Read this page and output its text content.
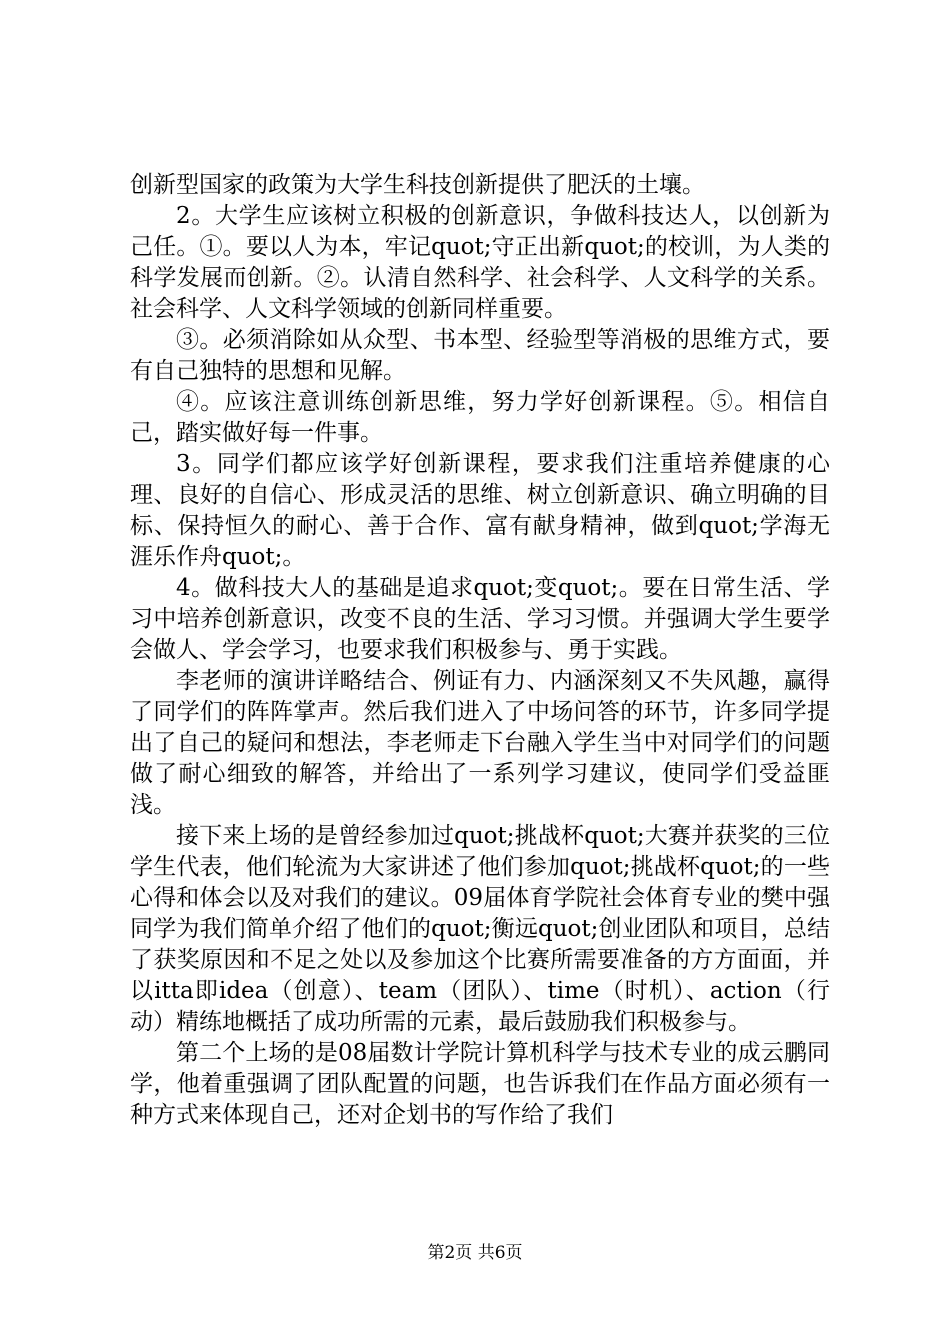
创新型国家的政策为大学生科技创新提供了肥沃的土壤。

2。大学生应该树立积极的创新意识，争做科技达人，以创新为己任。①。要以人为本，牢记quot;守正出新quot;的校训，为人类的科学发展而创新。②。认清自然科学、社会科学、人文科学的关系。社会科学、人文科学领域的创新同样重要。

③。必须消除如从众型、书本型、经验型等消极的思维方式，要有自己独特的思想和见解。

④。应该注意训练创新思维，努力学好创新课程。⑤。相信自己，踏实做好每一件事。

3。同学们都应该学好创新课程，要求我们注重培养健康的心理、良好的自信心、形成灵活的思维、树立创新意识、确立明确的目标、保持恒久的耐心、善于合作、富有献身精神，做到quot;学海无涯乐作舟quot;。

4。做科技大人的基础是追求quot;变quot;。要在日常生活、学习中培养创新意识，改变不良的生活、学习习惯。并强调大学生要学会做人、学会学习，也要求我们积极参与、勇于实践。

李老师的演讲详略结合、例证有力、内涵深刻又不失风趣，赢得了同学们的阵阵掌声。然后我们进入了中场问答的环节，许多同学提出了自己的疑问和想法，李老师走下台融入学生当中对同学们的问题做了耐心细致的解答，并给出了一系列学习建议，使同学们受益匪浅。

接下来上场的是曾经参加过quot;挑战杯quot;大赛并获奖的三位学生代表，他们轮流为大家讲述了他们参加quot;挑战杯quot;的一些心得和体会以及对我们的建议。09届体育学院社会体育专业的樊中强同学为我们简单介绍了他们的quot;衡远quot;创业团队和项目，总结了获奖原因和不足之处以及参加这个比赛所需要准备的方方面面，并以itta即idea（创意）、team（团队）、time（时机）、action（行动）精练地概括了成功所需的元素，最后鼓励我们积极参与。

第二个上场的是08届数计学院计算机科学与技术专业的成云鹏同学，他着重强调了团队配置的问题，也告诉我们在作品方面必须有一种方式来体现自己，还对企划书的写作给了我们

第2页 共6页
